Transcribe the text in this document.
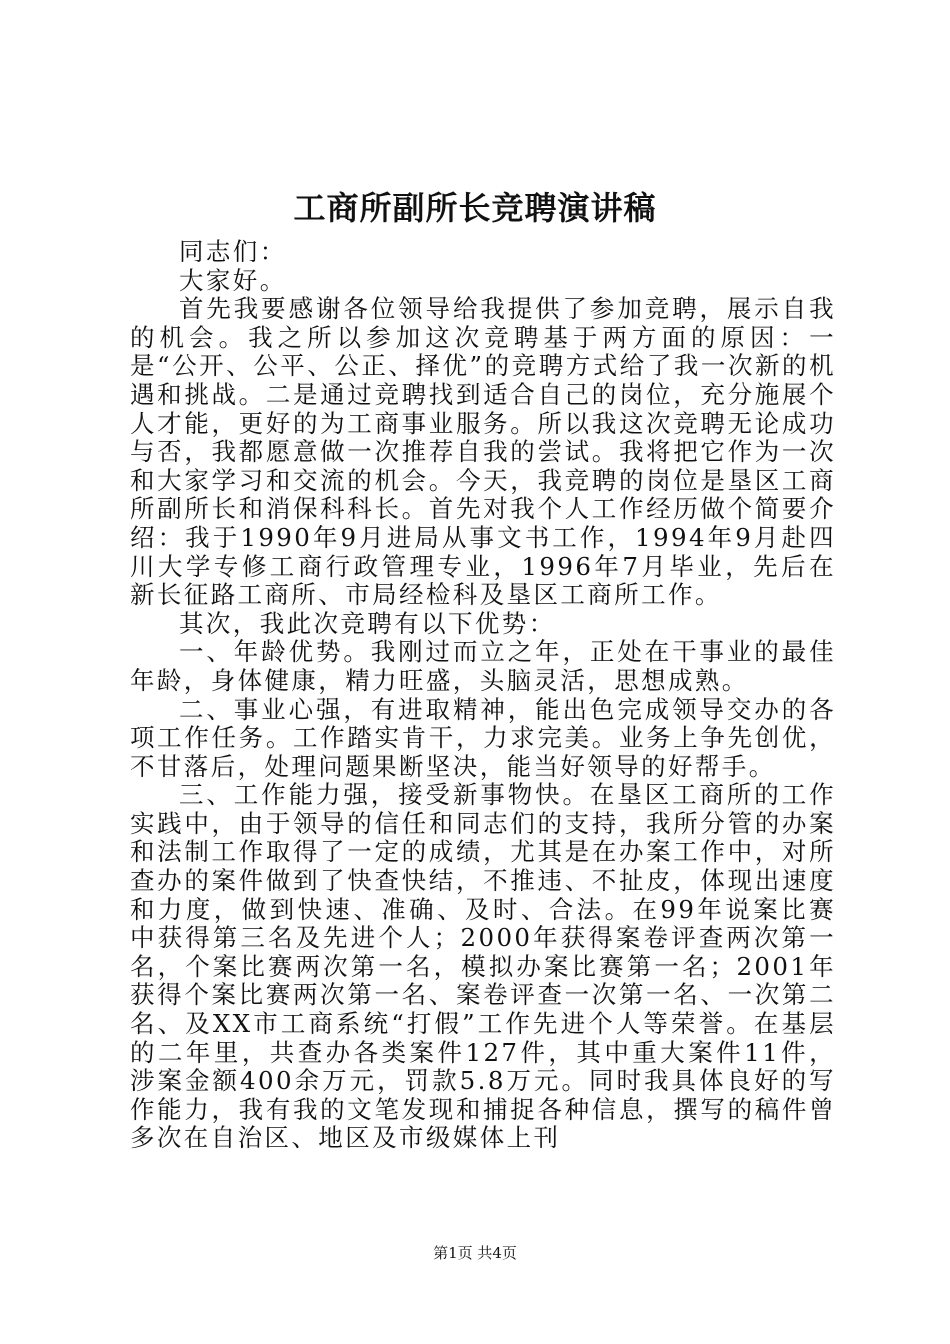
工商所副所长竞聘演讲稿

同志们：

大家好。

首先我要感谢各位领导给我提供了参加竞聘，展示自我的机会。我之所以参加这次竞聘基于两方面的原因：一是“公开、公平、公正、择优”的竞聘方式给了我一次新的机遇和挑战。二是通过竞聘找到适合自己的岗位，充分施展个人才能，更好的为工商事业服务。所以我这次竞聘无论成功与否，我都愿意做一次推荐自我的尝试。我将把它作为一次和大家学习和交流的机会。今天，我竞聘的岗位是垦区工商所副所长和消保科科长。首先对我个人工作经历做个简要介绍：我于1990年9月进局从事文书工作，1994年9月赴四川大学专修工商行政管理专业，1996年7月毕业，先后在新长征路工商所、市局经检科及垦区工商所工作。

其次，我此次竞聘有以下优势：

一、年龄优势。我刚过而立之年，正处在干事业的最佳年龄，身体健康，精力旺盛，头脑灵活，思想成熟。

二、事业心强，有进取精神，能出色完成领导交办的各项工作任务。工作踏实肯干，力求完美。业务上争先创优，不甘落后，处理问题果断坚决，能当好领导的好帮手。

三、工作能力强，接受新事物快。在垦区工商所的工作实践中，由于领导的信任和同志们的支持，我所分管的办案和法制工作取得了一定的成绩，尤其是在办案工作中，对所查办的案件做到了快查快结，不推违、不扯皮，体现出速度和力度，做到快速、准确、及时、合法。在99年说案比赛中获得第三名及先进个人；2000年获得案卷评查两次第一名，个案比赛两次第一名，模拟办案比赛第一名；2001年获得个案比赛两次第一名、案卷评查一次第一名、一次第二名、及XX市工商系统“打假”工作先进个人等荣誉。在基层的二年里，共查办各类案件127件，其中重大案件11件，涉案金额400余万元，罚款5.8万元。同时我具体良好的写作能力，我有我的文笔发现和捕捉各种信息，撰写的稿件曾多次在自治区、地区及市级媒体上刊

第1页 共4页
